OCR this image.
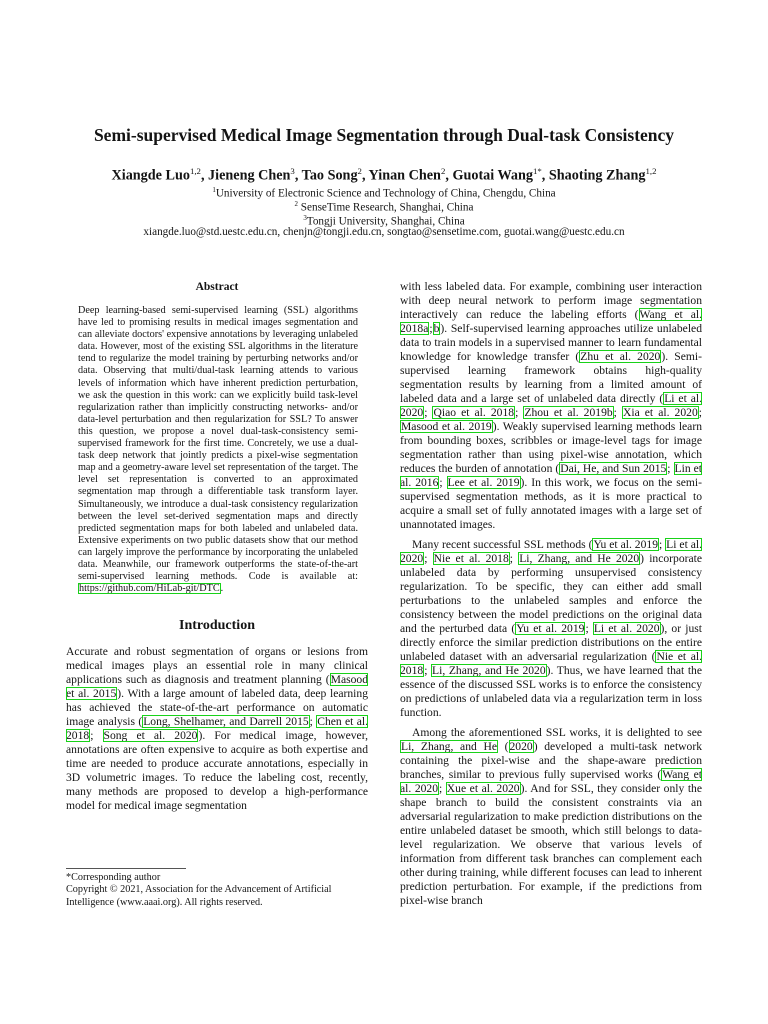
Semi-supervised Medical Image Segmentation through Dual-task Consistency
Xiangde Luo$^{1,2}$, Jieneng Chen$^3$, Tao Song$^2$, Yinan Chen$^2$, Guotai Wang$^{1*}$, Shaoting Zhang$^{1,2}$
$^1$University of Electronic Science and Technology of China, Chengdu, China
$^2$ SenseTime Research, Shanghai, China
$^3$Tongji University, Shanghai, China
xiangde.luo@std.uestc.edu.cn, chenjn@tongji.edu.cn, songtao@sensetime.com, guotai.wang@uestc.edu.cn
Abstract

Deep learning-based semi-supervised learning (SSL) algorithms have led to promising results in medical images segmentation and can alleviate doctors' expensive annotations by leveraging unlabeled data. However, most of the existing SSL algorithms in the literature tend to regularize the model training by perturbing networks and/or data. Observing that multi/dual-task learning attends to various levels of information which have inherent prediction perturbation, we ask the question in this work: can we explicitly build task-level regularization rather than implicitly constructing networks- and/or data-level perturbation and then regularization for SSL? To answer this question, we propose a novel dual-task-consistency semi-supervised framework for the first time. Concretely, we use a dual-task deep network that jointly predicts a pixel-wise segmentation map and a geometry-aware level set representation of the target. The level set representation is converted to an approximated segmentation map through a differentiable task transform layer. Simultaneously, we introduce a dual-task consistency regularization between the level set-derived segmentation maps and directly predicted segmentation maps for both labeled and unlabeled data. Extensive experiments on two public datasets show that our method can largely improve the performance by incorporating the unlabeled data. Meanwhile, our framework outperforms the state-of-the-art semi-supervised learning methods. Code is available at: https://github.com/HiLab-git/DTC.

Introduction

Accurate and robust segmentation of organs or lesions from medical images plays an essential role in many clinical applications such as diagnosis and treatment planning (Masood et al. 2015). With a large amount of labeled data, deep learning has achieved the state-of-the-art performance on automatic image analysis (Long, Shelhamer, and Darrell 2015; Chen et al. 2018; Song et al. 2020). For medical image, however, annotations are often expensive to acquire as both expertise and time are needed to produce accurate annotations, especially in 3D volumetric images. To reduce the labeling cost, recently, many methods are proposed to develop a high-performance model for medical image segmentation

with less labeled data. For example, combining user interaction with deep neural network to perform image segmentation interactively can reduce the labeling efforts (Wang et al. 2018a;b). Self-supervised learning approaches utilize unlabeled data to train models in a supervised manner to learn fundamental knowledge for knowledge transfer (Zhu et al. 2020). Semi-supervised learning framework obtains high-quality segmentation results by learning from a limited amount of labeled data and a large set of unlabeled data directly (Li et al. 2020; Qiao et al. 2018; Zhou et al. 2019b; Xia et al. 2020; Masood et al. 2019). Weakly supervised learning methods learn from bounding boxes, scribbles or image-level tags for image segmentation rather than using pixel-wise annotation, which reduces the burden of annotation (Dai, He, and Sun 2015; Lin et al. 2016; Lee et al. 2019). In this work, we focus on the semi-supervised segmentation methods, as it is more practical to acquire a small set of fully annotated images with a large set of unannotated images.

Many recent successful SSL methods (Yu et al. 2019; Li et al. 2020; Nie et al. 2018; Li, Zhang, and He 2020) incorporate unlabeled data by performing unsupervised consistency regularization. To be specific, they can either add small perturbations to the unlabeled samples and enforce the consistency between the model predictions on the original data and the perturbed data (Yu et al. 2019; Li et al. 2020), or just directly enforce the similar prediction distributions on the entire unlabeled dataset with an adversarial regularization (Nie et al. 2018; Li, Zhang, and He 2020). Thus, we have learned that the essence of the discussed SSL works is to enforce the consistency on predictions of unlabeled data via a regularization term in loss function.

Among the aforementioned SSL works, it is delighted to see Li, Zhang, and He (2020) developed a multi-task network containing the pixel-wise and the shape-aware prediction branches, similar to previous fully supervised works (Wang et al. 2020; Xue et al. 2020). And for SSL, they consider only the shape branch to build the consistent constraints via an adversarial regularization to make prediction distributions on the entire unlabeled dataset be smooth, which still belongs to data-level regularization. We observe that various levels of information from different task branches can complement each other during training, while different focuses can lead to inherent prediction perturbation. For example, if the predictions from pixel-wise branch

*Corresponding author
Copyright © 2021, Association for the Advancement of Artificial Intelligence (www.aaai.org). All rights reserved.
